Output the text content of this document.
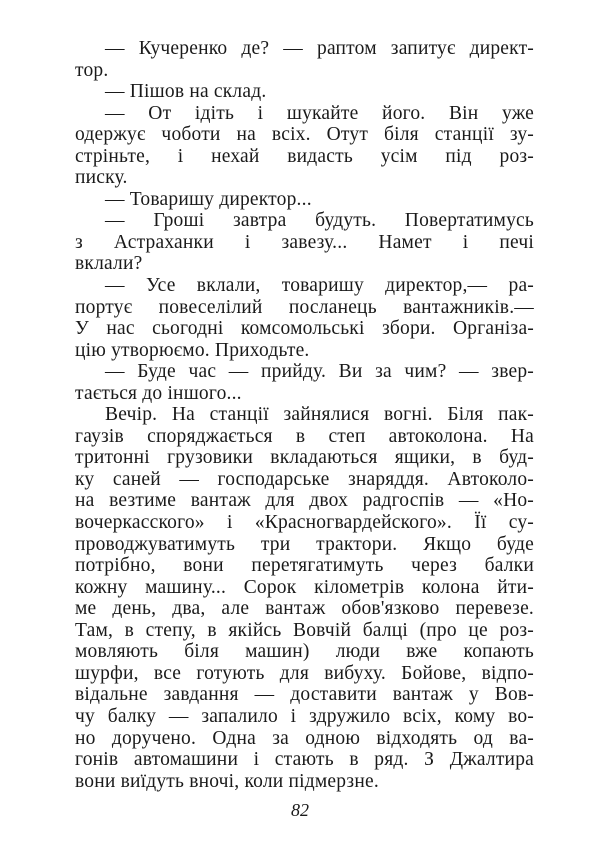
— Кучеренко де? — раптом запитує директ-
тор.
— Пішов на склад.
— От ідіть і шукайте його. Він уже
одержує чоботи на всіх. Отут біля станції зу-
стріньте, і нехай видасть усім під роз-
писку.
— Товаришу директор...
— Гроші завтра будуть. Повертатимусь
з Астраханки і завезу... Намет і печі
вклали?
— Усе вклали, товаришу директор,— ра-
портує повеселілий посланець вантажників.—
У нас сьогодні комсомольські збори. Організа-
цію утворюємо. Приходьте.
— Буде час — прийду. Ви за чим? — звер-
тається до іншого...
Вечір. На станції зайнялися вогні. Біля пак-
гаузів споряджається в степ автоколона. На
тритонні грузовики вкладаються ящики, в буд-
ку саней — господарське знаряддя. Автоколо-
на везтиме вантаж для двох радгоспів — «Но-
вочеркасского» і «Красногвардейского». Її су-
проводжуватимуть три трактори. Якщо буде
потрібно, вони перетягатимуть через балки
кожну машину... Сорок кілометрів колона йти-
ме день, два, але вантаж обов'язково перевезе.
Там, в степу, в якійсь Вовчій балці (про це роз-
мовляють біля машин) люди вже копають
шурфи, все готують для вибуху. Бойове, відпо-
відальне завдання — доставити вантаж у Вов-
чу балку — запалило і здружило всіх, кому во-
но доручено. Одна за одною відходять од ва-
гонів автомашини і стають в ряд. З Джалтира
вони виїдуть вночі, коли підмерзне.
82
